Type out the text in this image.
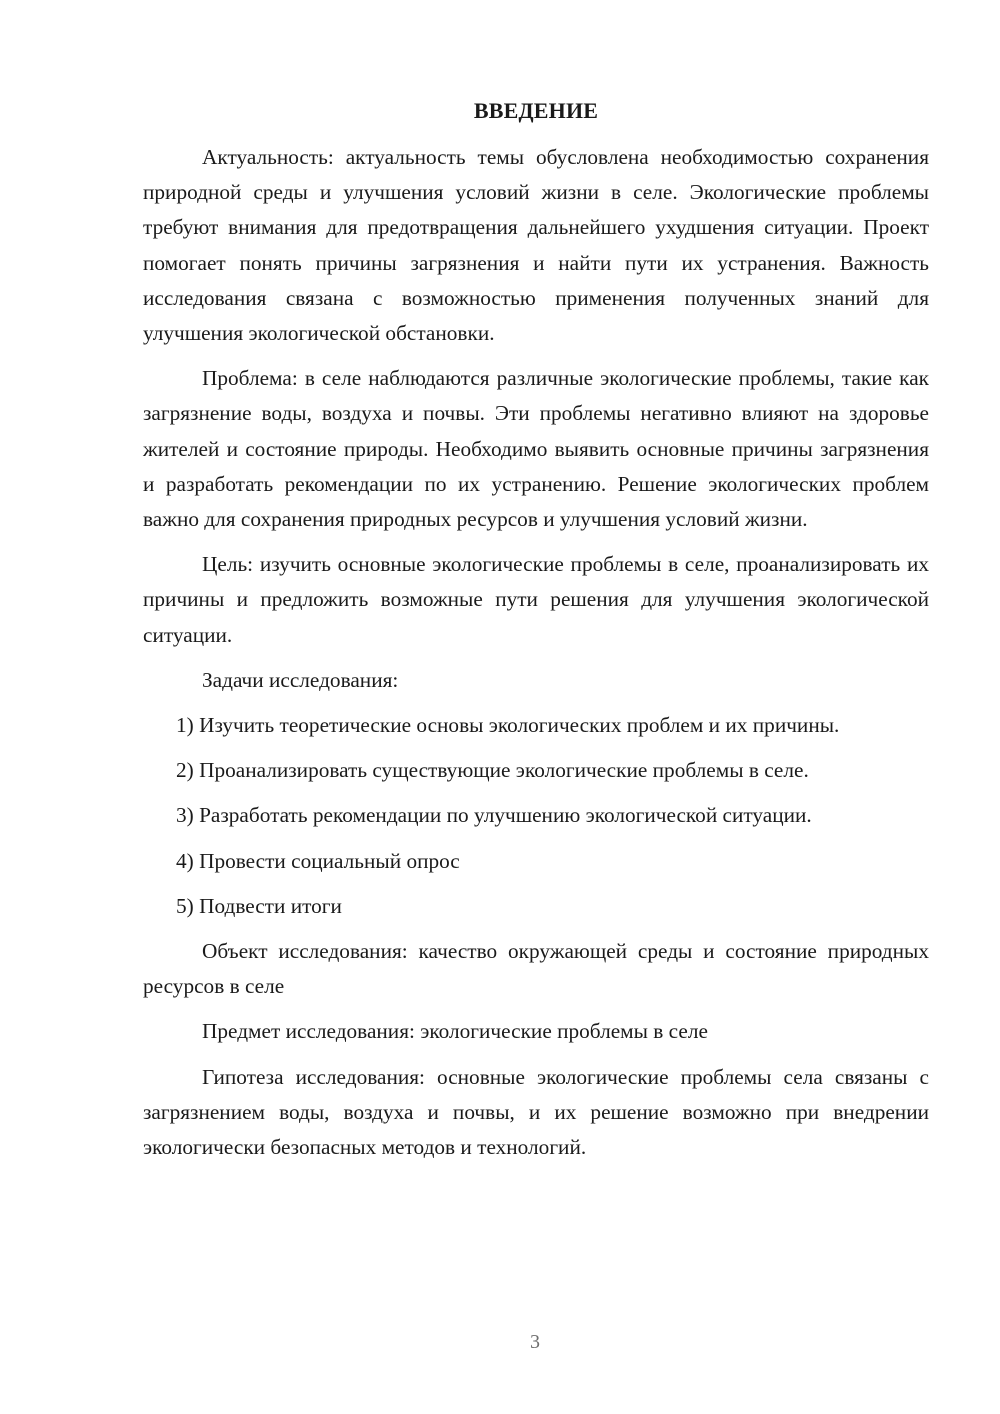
ВВЕДЕНИЕ

Актуальность: актуальность темы обусловлена необходимостью сохранения природной среды и улучшения условий жизни в селе. Экологические проблемы требуют внимания для предотвращения дальнейшего ухудшения ситуации. Проект помогает понять причины загрязнения и найти пути их устранения. Важность исследования связана с возможностью применения полученных знаний для улучшения экологической обстановки.

Проблема: в селе наблюдаются различные экологические проблемы, такие как загрязнение воды, воздуха и почвы. Эти проблемы негативно влияют на здоровье жителей и состояние природы. Необходимо выявить основные причины загрязнения и разработать рекомендации по их устранению. Решение экологических проблем важно для сохранения природных ресурсов и улучшения условий жизни.

Цель: изучить основные экологические проблемы в селе, проанализировать их причины и предложить возможные пути решения для улучшения экологической ситуации.

Задачи исследования:

1) Изучить теоретические основы экологических проблем и их причины.

2) Проанализировать существующие экологические проблемы в селе.

3) Разработать рекомендации по улучшению экологической ситуации.

4) Провести социальный опрос

5) Подвести итоги

Объект исследования: качество окружающей среды и состояние природных ресурсов в селе

Предмет исследования: экологические проблемы в селе

Гипотеза исследования: основные экологические проблемы села связаны с загрязнением воды, воздуха и почвы, и их решение возможно при внедрении экологически безопасных методов и технологий.

3
